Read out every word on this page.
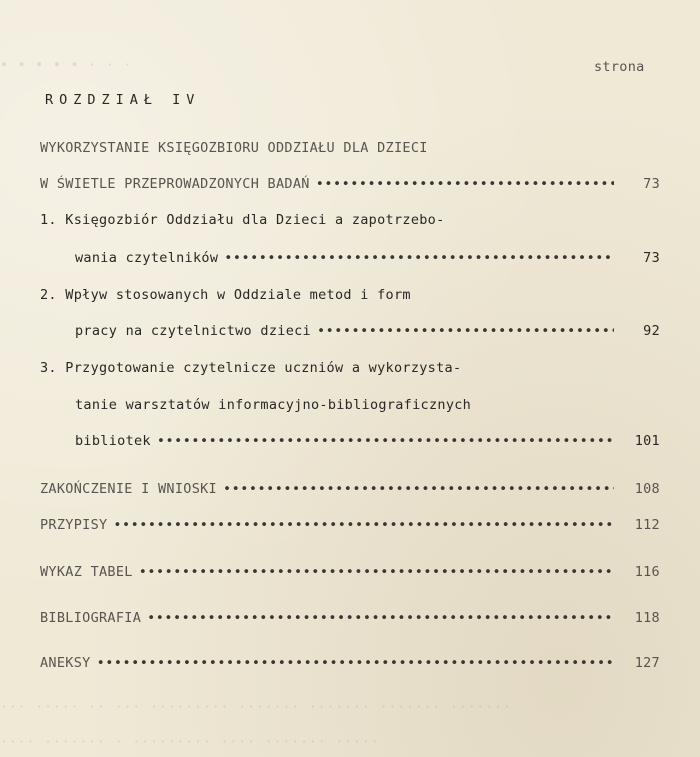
• • • • • · · ·	strona
ROZDZIAŁ IV
WYKORZYSTANIE KSIĘGOZBIORU ODDZIAŁU DLA DZIECI
W ŚWIETLE PRZEPROWADZONYCH BADAŃ •••••	73
1. Księgozbiór Oddziału dla Dzieci a zapotrzebo-
wania czytelników •••••	73
2. Wpływ stosowanych w Oddziale metod i form
pracy na czytelnictwo dzieci •••••	92
3. Przygotowanie czytelnicze uczniów a wykorzysta-
tanie warsztatów informacyjno-bibliograficznych
bibliotek •••••	101
ZAKOŃCZENIE I WNIOSKI •••••	108
PRZYPISY •••••	112
WYKAZ TABEL •••••	116
BIBLIOGRAFIA •••••	118
ANEKSY •••••	127
··· ····· ·· ··· ········· ······· ······· ······· ·······
···· ······· · ········· ···· ······· ·····
